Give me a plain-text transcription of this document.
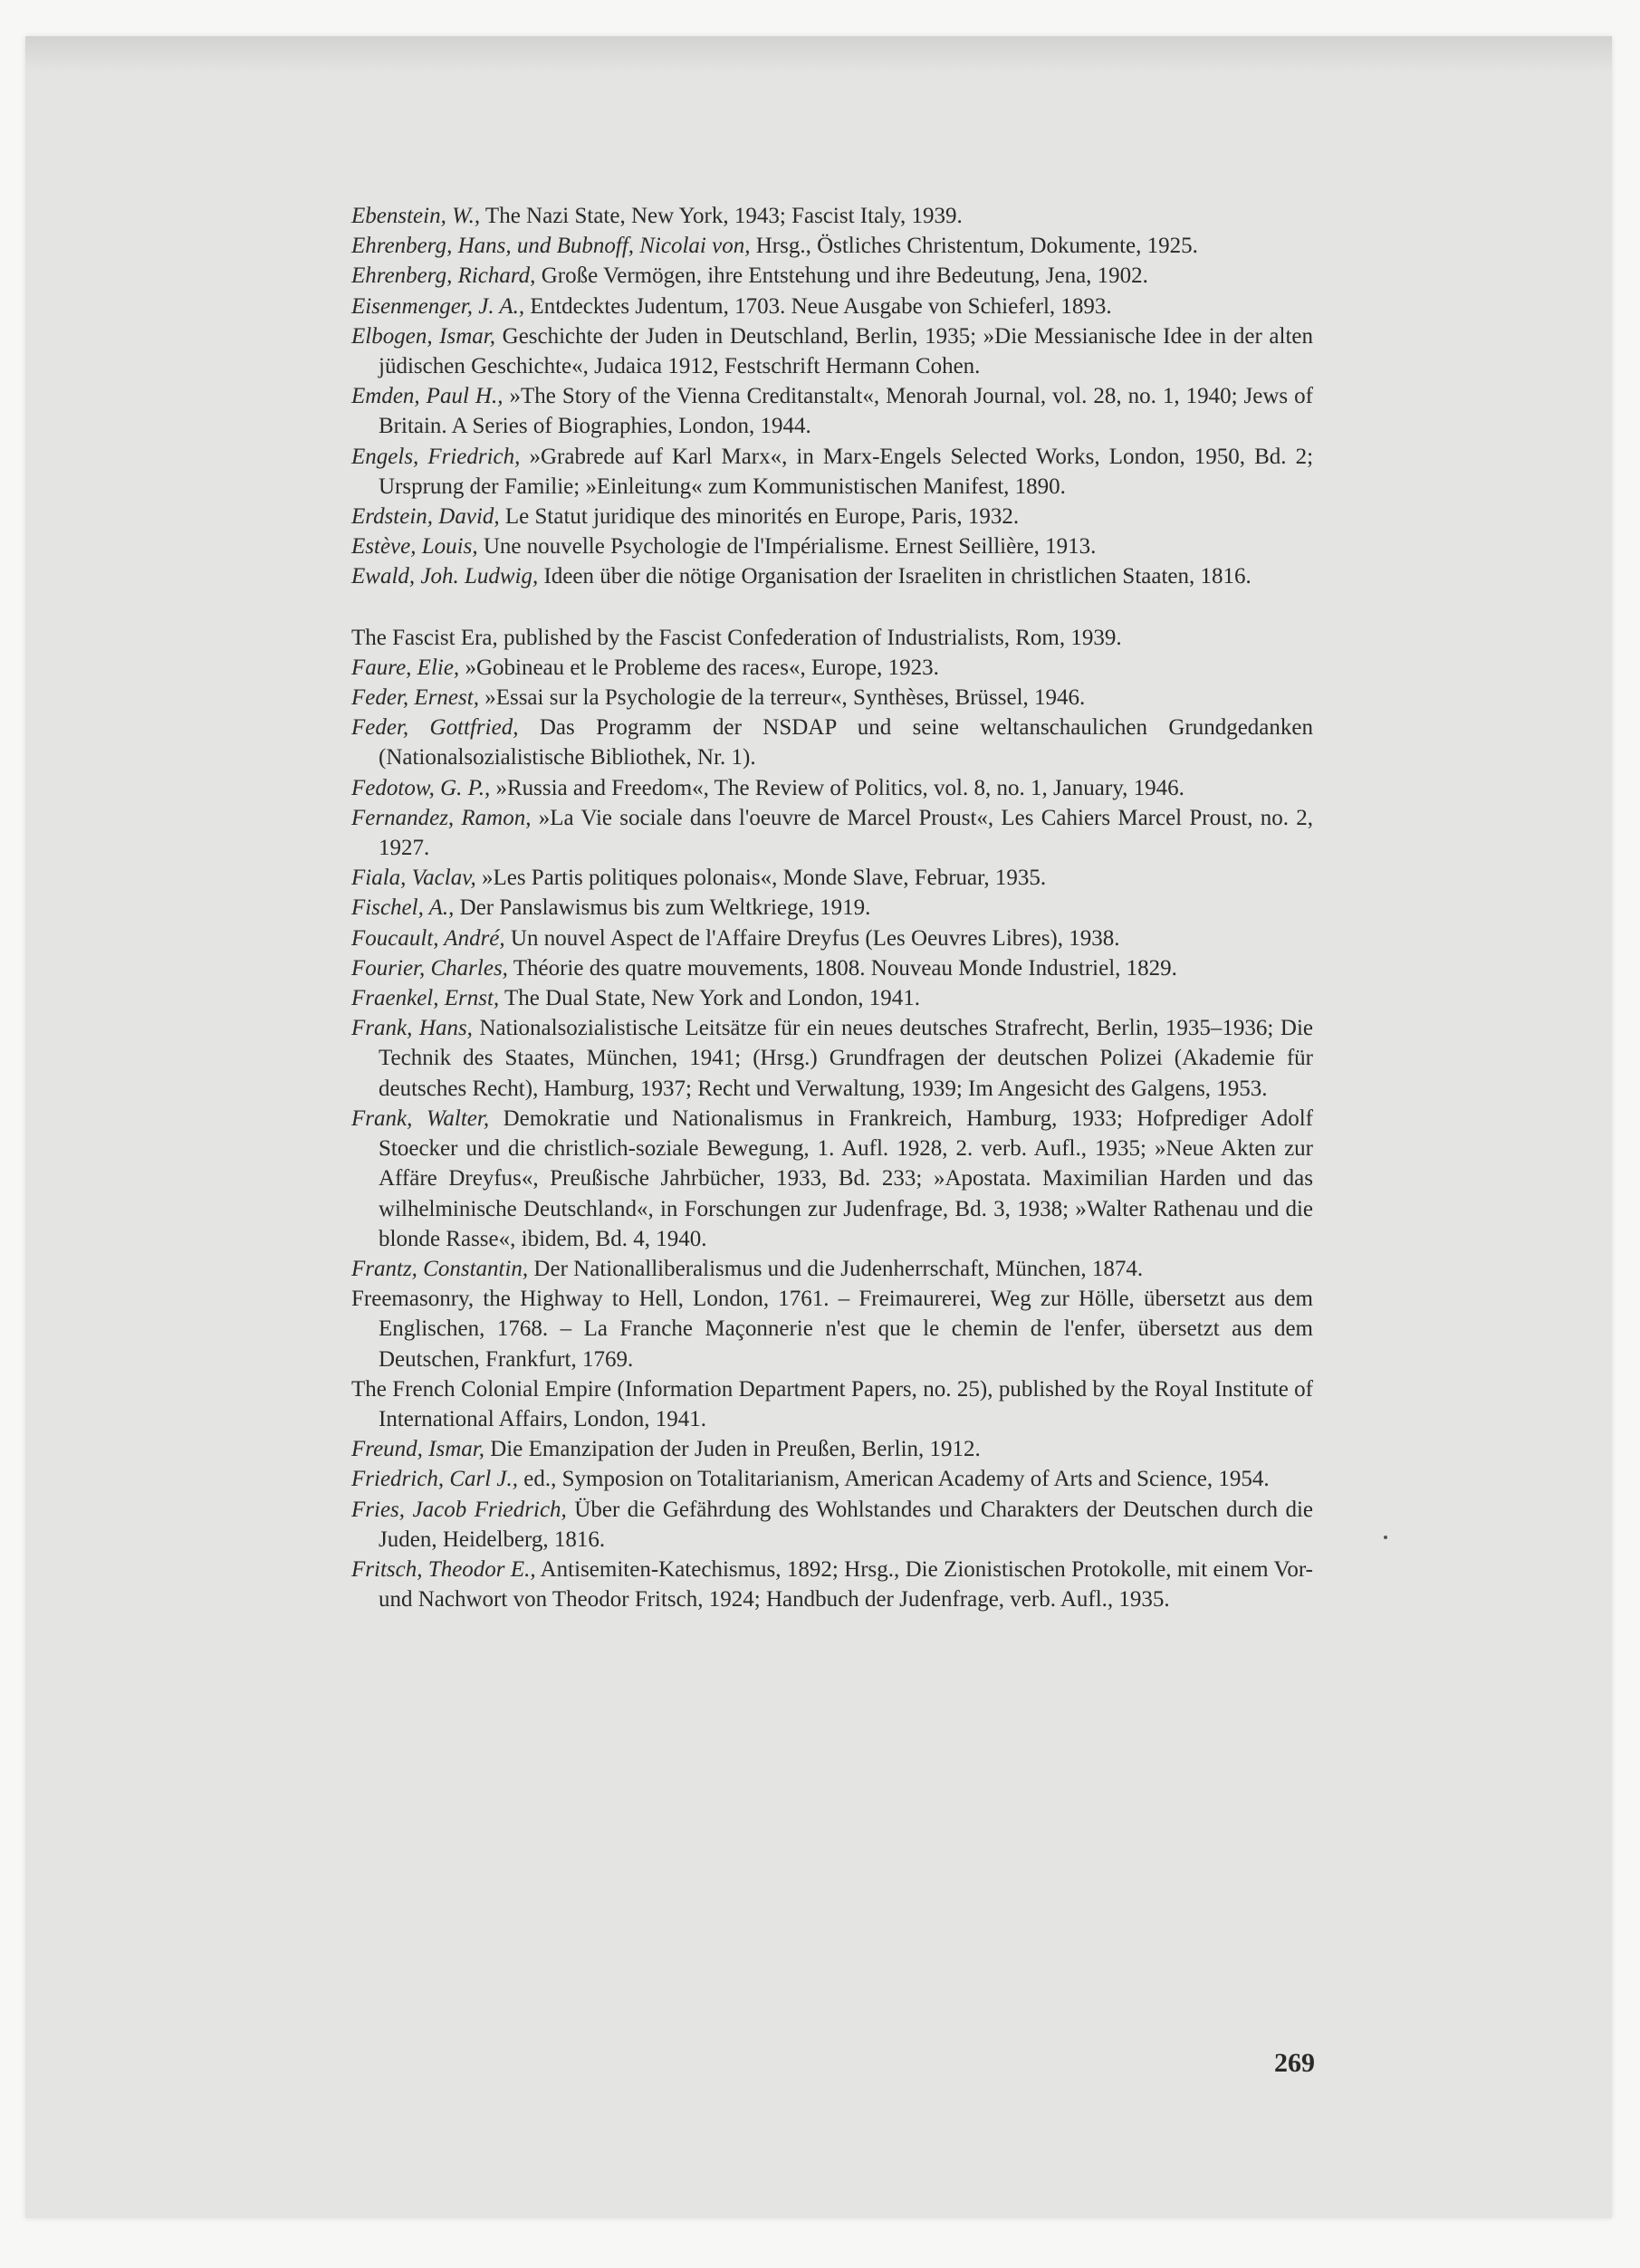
Ebenstein, W., The Nazi State, New York, 1943; Fascist Italy, 1939.

Ehrenberg, Hans, und Bubnoff, Nicolai von, Hrsg., Östliches Christentum, Dokumente, 1925.

Ehrenberg, Richard, Große Vermögen, ihre Entstehung und ihre Bedeutung, Jena, 1902.

Eisenmenger, J. A., Entdecktes Judentum, 1703. Neue Ausgabe von Schieferl, 1893.

Elbogen, Ismar, Geschichte der Juden in Deutschland, Berlin, 1935; »Die Messianische Idee in der alten jüdischen Geschichte«, Judaica 1912, Festschrift Hermann Cohen.

Emden, Paul H., »The Story of the Vienna Creditanstalt«, Menorah Journal, vol. 28, no. 1, 1940; Jews of Britain. A Series of Biographies, London, 1944.

Engels, Friedrich, »Grabrede auf Karl Marx«, in Marx-Engels Selected Works, London, 1950, Bd. 2; Ursprung der Familie; »Einleitung« zum Kommunistischen Manifest, 1890.

Erdstein, David, Le Statut juridique des minorités en Europe, Paris, 1932.

Estève, Louis, Une nouvelle Psychologie de l'Impérialisme. Ernest Seillière, 1913.

Ewald, Joh. Ludwig, Ideen über die nötige Organisation der Israeliten in christlichen Staaten, 1816.

The Fascist Era, published by the Fascist Confederation of Industrialists, Rom, 1939.

Faure, Elie, »Gobineau et le Probleme des races«, Europe, 1923.

Feder, Ernest, »Essai sur la Psychologie de la terreur«, Synthèses, Brüssel, 1946.

Feder, Gottfried, Das Programm der NSDAP und seine weltanschaulichen Grundgedanken (Nationalsozialistische Bibliothek, Nr. 1).

Fedotow, G. P., »Russia and Freedom«, The Review of Politics, vol. 8, no. 1, January, 1946.

Fernandez, Ramon, »La Vie sociale dans l'oeuvre de Marcel Proust«, Les Cahiers Marcel Proust, no. 2, 1927.

Fiala, Vaclav, »Les Partis politiques polonais«, Monde Slave, Februar, 1935.

Fischel, A., Der Panslawismus bis zum Weltkriege, 1919.

Foucault, André, Un nouvel Aspect de l'Affaire Dreyfus (Les Oeuvres Libres), 1938.

Fourier, Charles, Théorie des quatre mouvements, 1808. Nouveau Monde Industriel, 1829.

Fraenkel, Ernst, The Dual State, New York and London, 1941.

Frank, Hans, Nationalsozialistische Leitsätze für ein neues deutsches Strafrecht, Berlin, 1935–1936; Die Technik des Staates, München, 1941; (Hrsg.) Grundfragen der deutschen Polizei (Akademie für deutsches Recht), Hamburg, 1937; Recht und Verwaltung, 1939; Im Angesicht des Galgens, 1953.

Frank, Walter, Demokratie und Nationalismus in Frankreich, Hamburg, 1933; Hofprediger Adolf Stoecker und die christlich-soziale Bewegung, 1. Aufl. 1928, 2. verb. Aufl., 1935; »Neue Akten zur Affäre Dreyfus«, Preußische Jahrbücher, 1933, Bd. 233; »Apostata. Maximilian Harden und das wilhelminische Deutschland«, in Forschungen zur Judenfrage, Bd. 3, 1938; »Walter Rathenau und die blonde Rasse«, ibidem, Bd. 4, 1940.

Frantz, Constantin, Der Nationalliberalismus und die Judenherrschaft, München, 1874.

Freemasonry, the Highway to Hell, London, 1761. – Freimaurerei, Weg zur Hölle, übersetzt aus dem Englischen, 1768. – La Franche Maçonnerie n'est que le chemin de l'enfer, übersetzt aus dem Deutschen, Frankfurt, 1769.

The French Colonial Empire (Information Department Papers, no. 25), published by the Royal Institute of International Affairs, London, 1941.

Freund, Ismar, Die Emanzipation der Juden in Preußen, Berlin, 1912.

Friedrich, Carl J., ed., Symposion on Totalitarianism, American Academy of Arts and Science, 1954.

Fries, Jacob Friedrich, Über die Gefährdung des Wohlstandes und Charakters der Deutschen durch die Juden, Heidelberg, 1816.

Fritsch, Theodor E., Antisemiten-Katechismus, 1892; Hrsg., Die Zionistischen Protokolle, mit einem Vor- und Nachwort von Theodor Fritsch, 1924; Handbuch der Judenfrage, verb. Aufl., 1935.

269
